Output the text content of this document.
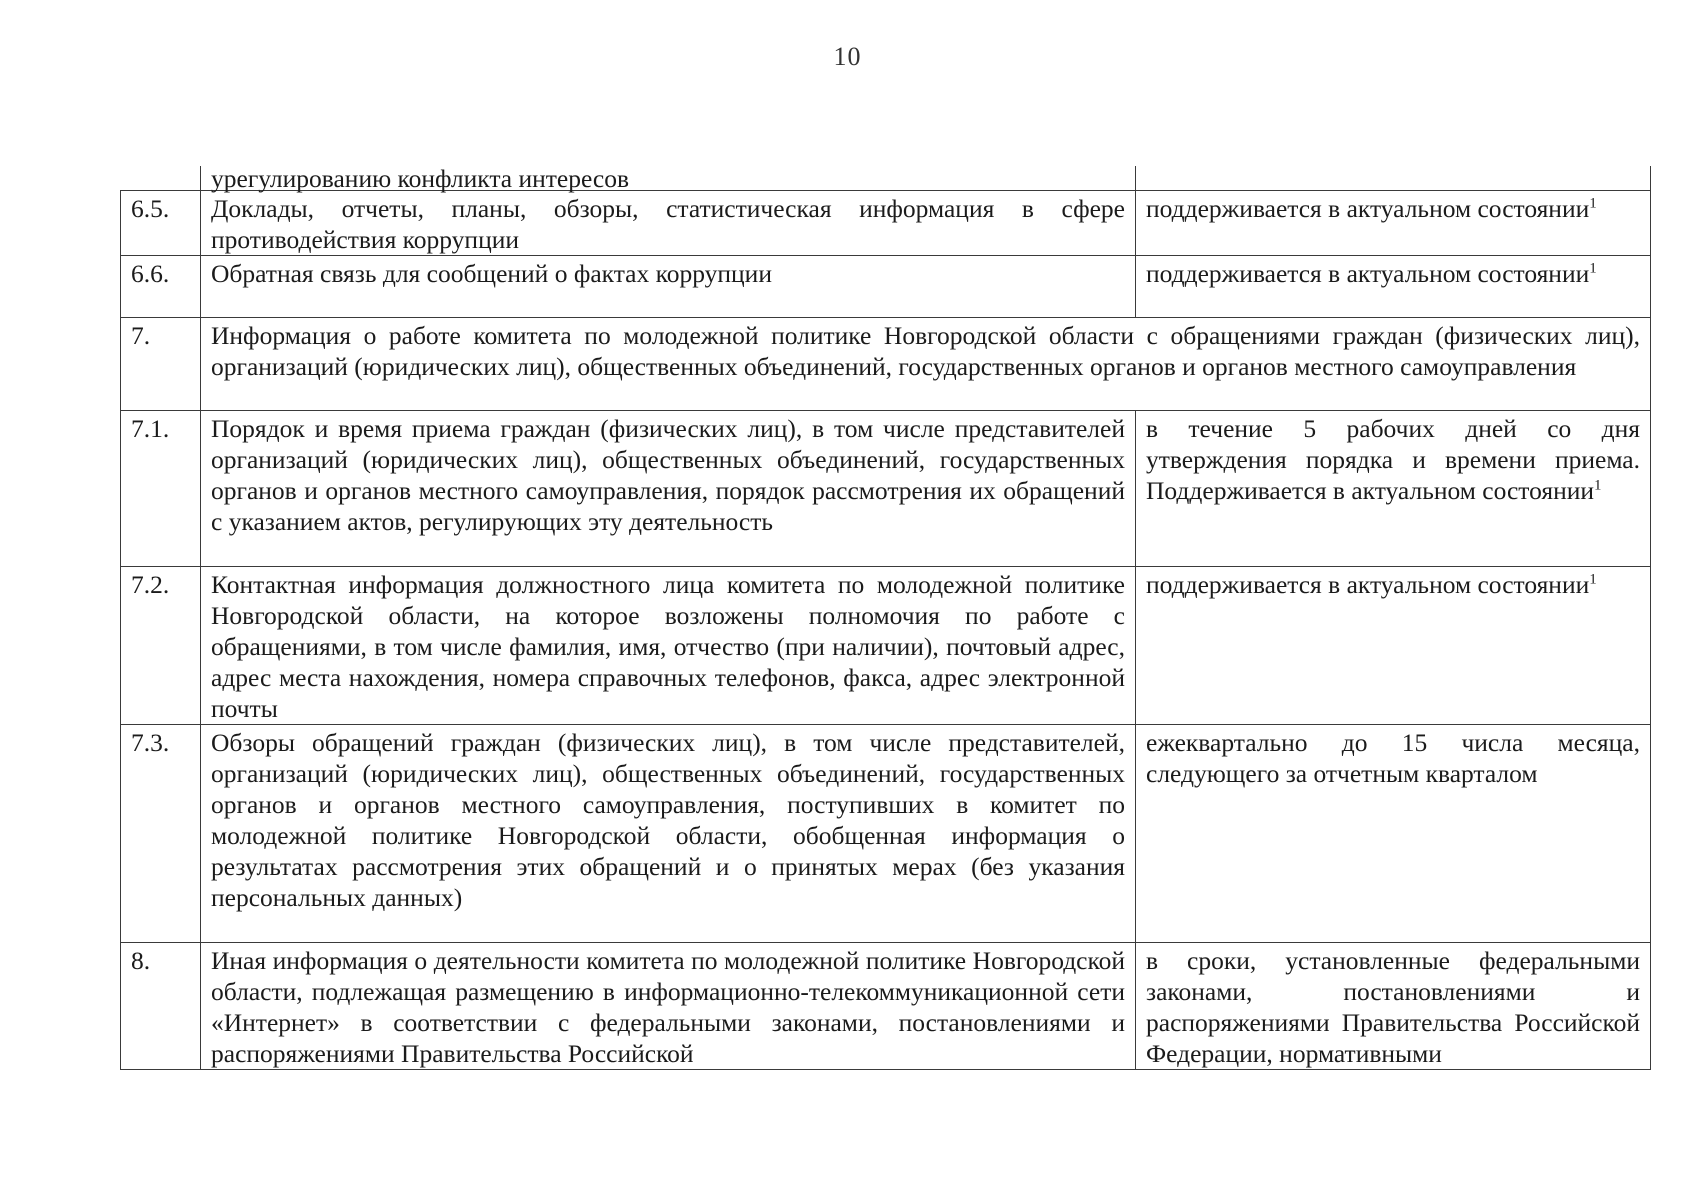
10
	урегулированию конфликта интересов	
6.5.	Доклады, отчеты, планы, обзоры, статистическая информация в сфере противодействия коррупции	поддерживается в актуальном состоянии$^1$
6.6.	Обратная связь для сообщений о фактах коррупции	поддерживается в актуальном состоянии$^1$
7.	Информация о работе комитета по молодежной политике Новгородской области с обращениями граждан (физических лиц), организаций (юридических лиц), общественных объединений, государственных органов и органов местного самоуправления	
7.1.	Порядок и время приема граждан (физических лиц), в том числе представителей организаций (юридических лиц), общественных объединений, государственных органов и органов местного самоуправления, порядок рассмотрения их обращений с указанием актов, регулирующих эту деятельность	в течение 5 рабочих дней со дня утверждения порядка и времени приема. Поддерживается в актуальном состоянии$^1$
7.2.	Контактная информация должностного лица комитета по молодежной политике Новгородской области, на которое возложены полномочия по работе с обращениями, в том числе фамилия, имя, отчество (при наличии), почтовый адрес, адрес места нахождения, номера справочных телефонов, факса, адрес электронной почты	поддерживается в актуальном состоянии$^1$
7.3.	Обзоры обращений граждан (физических лиц), в том числе представителей, организаций (юридических лиц), общественных объединений, государственных органов и органов местного самоуправления, поступивших в комитет по молодежной политике Новгородской области, обобщенная информация о результатах рассмотрения этих обращений и о принятых мерах (без указания персональных данных)	ежеквартально до 15 числа месяца, следующего за отчетным кварталом
8.	Иная информация о деятельности комитета по молодежной политике Новгородской области, подлежащая размещению в информационно-телекоммуникационной сети «Интернет» в соответствии с федеральными законами, постановлениями и распоряжениями Правительства Российской	в сроки, установленные федеральными законами, постановлениями и распоряжениями Правительства Российской Федерации, нормативными
